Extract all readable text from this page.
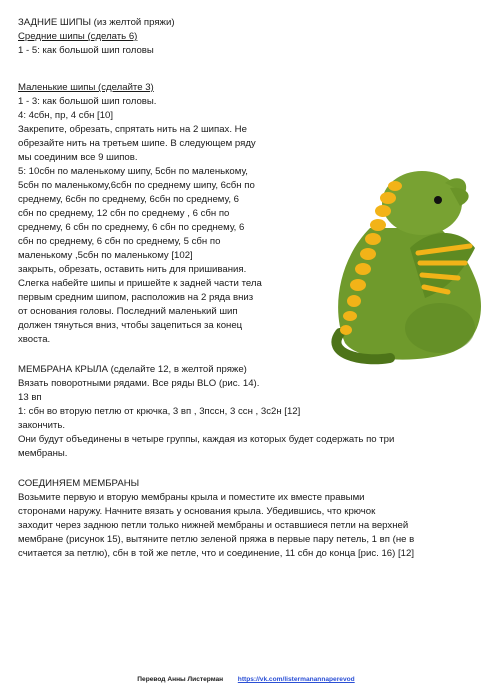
ЗАДНИЕ ШИПЫ (из желтой пряжи)
Средние шипы (сделать 6)
1 - 5: как большой шип головы
Маленькие шипы (сделайте 3)
1 - 3: как большой шип головы.
4: 4сбн, пр, 4 сбн [10]
Закрепите, обрезать, спрятать нить на 2 шипах. Не
обрезайте нить на третьем шипе. В следующем ряду
мы соединим все 9 шипов.
5: 10сбн по маленькому шипу, 5сбн по маленькому,
5сбн по маленькому,6сбн по среднему шипу, 6сбн по
среднему, 6сбн по среднему, 6сбн по среднему, 6
сбн по среднему, 12 сбн по среднему , 6 сбн по
среднему, 6 сбн по среднему, 6 сбн по среднему, 6
сбн по среднему, 6 сбн по среднему, 5 сбн по
маленькому ,5сбн по маленькому [102]
закрыть, обрезать, оставить нить для пришивания.
Слегка набейте шипы и пришейте к задней части тела
первым средним шипом, расположив на 2 ряда вниз
от основания головы. Последний маленький шип
должен тянуться вниз, чтобы зацепиться за конец
хвоста.
МЕМБРАНА КРЫЛА (сделайте 12, в желтой пряже)
Вязать поворотными рядами. Все ряды BLO (рис. 14).
13 вп
1: сбн во вторую петлю от крючка, 3 вп , 3пссн, 3 ссн , 3с2н [12]
закончить.
Они будут объединены в четыре группы, каждая из которых будет содержать по три
мембраны.
СОЕДИНЯЕМ МЕМБРАНЫ
Возьмите первую и вторую мембраны крыла и поместите их вместе правыми
сторонами наружу. Начните вязать у основания крыла. Убедившись, что крючок
заходит через заднюю петли только нижней мембраны и оставшиеся петли на верхней
мембране (рисунок 15), вытяните петлю зеленой пряжа в первые пару петель, 1 вп (не в
считается за петлю), сбн в той же петле, что и соединение, 11 сбн до конца [рис. 16) [12]
Перевод Анны Листерман https://vk.com/listermanannaperevod
